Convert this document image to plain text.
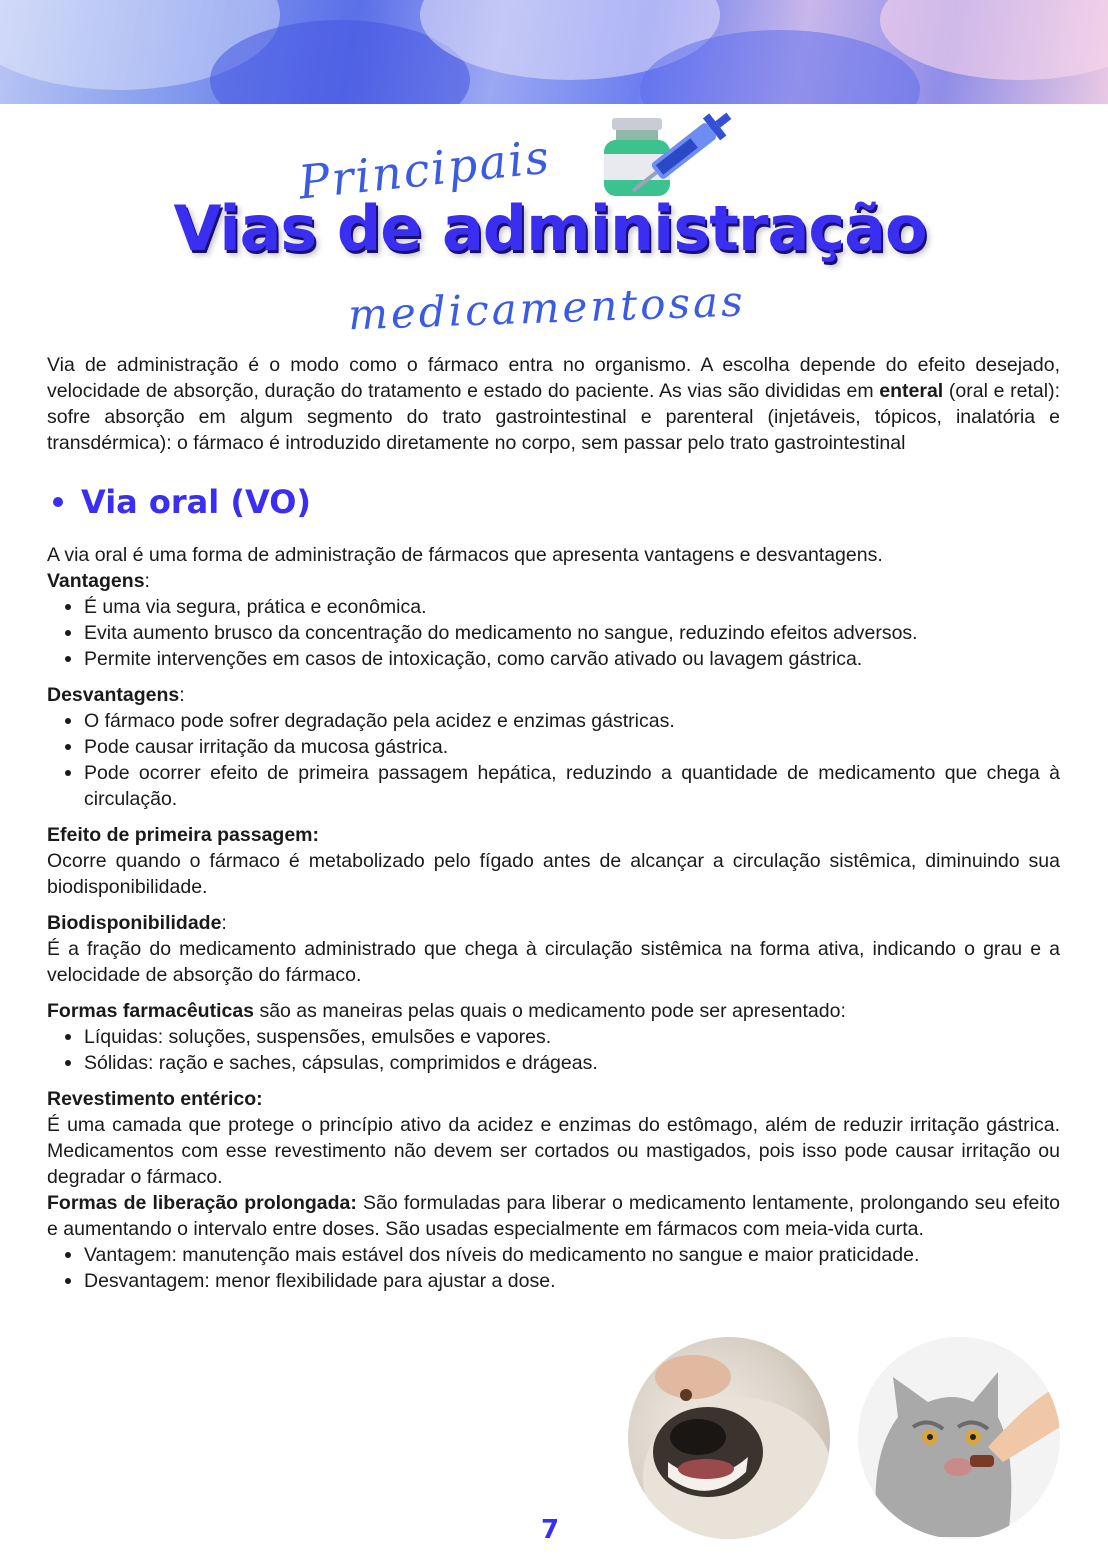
Principais
Vias de administração
medicamentosas

Via de administração é o modo como o fármaco entra no organismo. A escolha depende do efeito desejado, velocidade de absorção, duração do tratamento e estado do paciente. As vias são divididas em enteral (oral e retal): sofre absorção em algum segmento do trato gastrointestinal e parenteral (injetáveis, tópicos, inalatória e transdérmica): o fármaco é introduzido diretamente no corpo, sem passar pelo trato gastrointestinal

Via oral (VO)

A via oral é uma forma de administração de fármacos que apresenta vantagens e desvantagens.

Vantagens:

É uma via segura, prática e econômica.
Evita aumento brusco da concentração do medicamento no sangue, reduzindo efeitos adversos.
Permite intervenções em casos de intoxicação, como carvão ativado ou lavagem gástrica.

Desvantagens:

O fármaco pode sofrer degradação pela acidez e enzimas gástricas.
Pode causar irritação da mucosa gástrica.
Pode ocorrer efeito de primeira passagem hepática, reduzindo a quantidade de medicamento que chega à circulação.

Efeito de primeira passagem:

Ocorre quando o fármaco é metabolizado pelo fígado antes de alcançar a circulação sistêmica, diminuindo sua biodisponibilidade.

Biodisponibilidade:

É a fração do medicamento administrado que chega à circulação sistêmica na forma ativa, indicando o grau e a velocidade de absorção do fármaco.

Formas farmacêuticas são as maneiras pelas quais o medicamento pode ser apresentado:

Líquidas: soluções, suspensões, emulsões e vapores.
Sólidas: ração e saches, cápsulas, comprimidos e drágeas.

Revestimento entérico:

É uma camada que protege o princípio ativo da acidez e enzimas do estômago, além de reduzir irritação gástrica. Medicamentos com esse revestimento não devem ser cortados ou mastigados, pois isso pode causar irritação ou degradar o fármaco.

Formas de liberação prolongada: São formuladas para liberar o medicamento lentamente, prolongando seu efeito e aumentando o intervalo entre doses. São usadas especialmente em fármacos com meia-vida curta.

Vantagem: manutenção mais estável dos níveis do medicamento no sangue e maior praticidade.
Desvantagem: menor flexibilidade para ajustar a dose.
7
